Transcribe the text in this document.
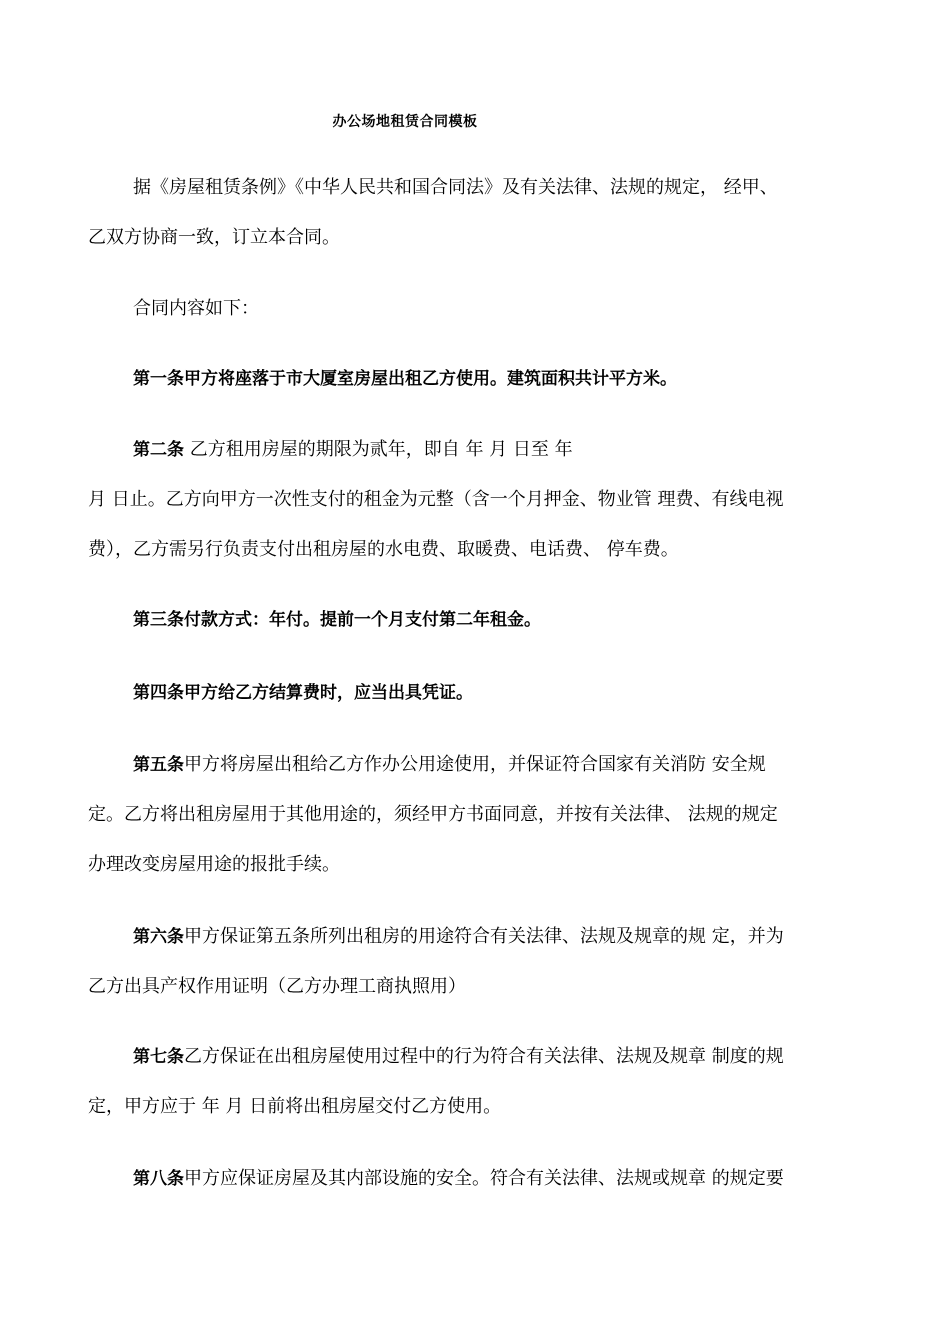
办公场地租赁合同模板
据《房屋租赁条例》《中华人民共和国合同法》及有关法律、法规的规定， 经甲、
乙双方协商一致，订立本合同。
合同内容如下：
第一条甲方将座落于市大厦室房屋出租乙方使用。建筑面积共计平方米。
第二条 乙方租用房屋的期限为贰年，即自 年 月 日至 年
月 日止。乙方向甲方一次性支付的租金为元整（含一个月押金、物业管 理费、有线电视
费），乙方需另行负责支付出租房屋的水电费、取暖费、电话费、 停车费。
第三条付款方式：年付。提前一个月支付第二年租金。
第四条甲方给乙方结算费时，应当出具凭证。
第五条甲方将房屋出租给乙方作办公用途使用，并保证符合国家有关消防 安全规
定。乙方将出租房屋用于其他用途的，须经甲方书面同意，并按有关法律、 法规的规定
办理改变房屋用途的报批手续。
第六条甲方保证第五条所列出租房的用途符合有关法律、法规及规章的规 定，并为
乙方出具产权作用证明（乙方办理工商执照用）
第七条乙方保证在出租房屋使用过程中的行为符合有关法律、法规及规章 制度的规
定，甲方应于 年 月 日前将出租房屋交付乙方使用。
第八条甲方应保证房屋及其内部设施的安全。符合有关法律、法规或规章 的规定要
